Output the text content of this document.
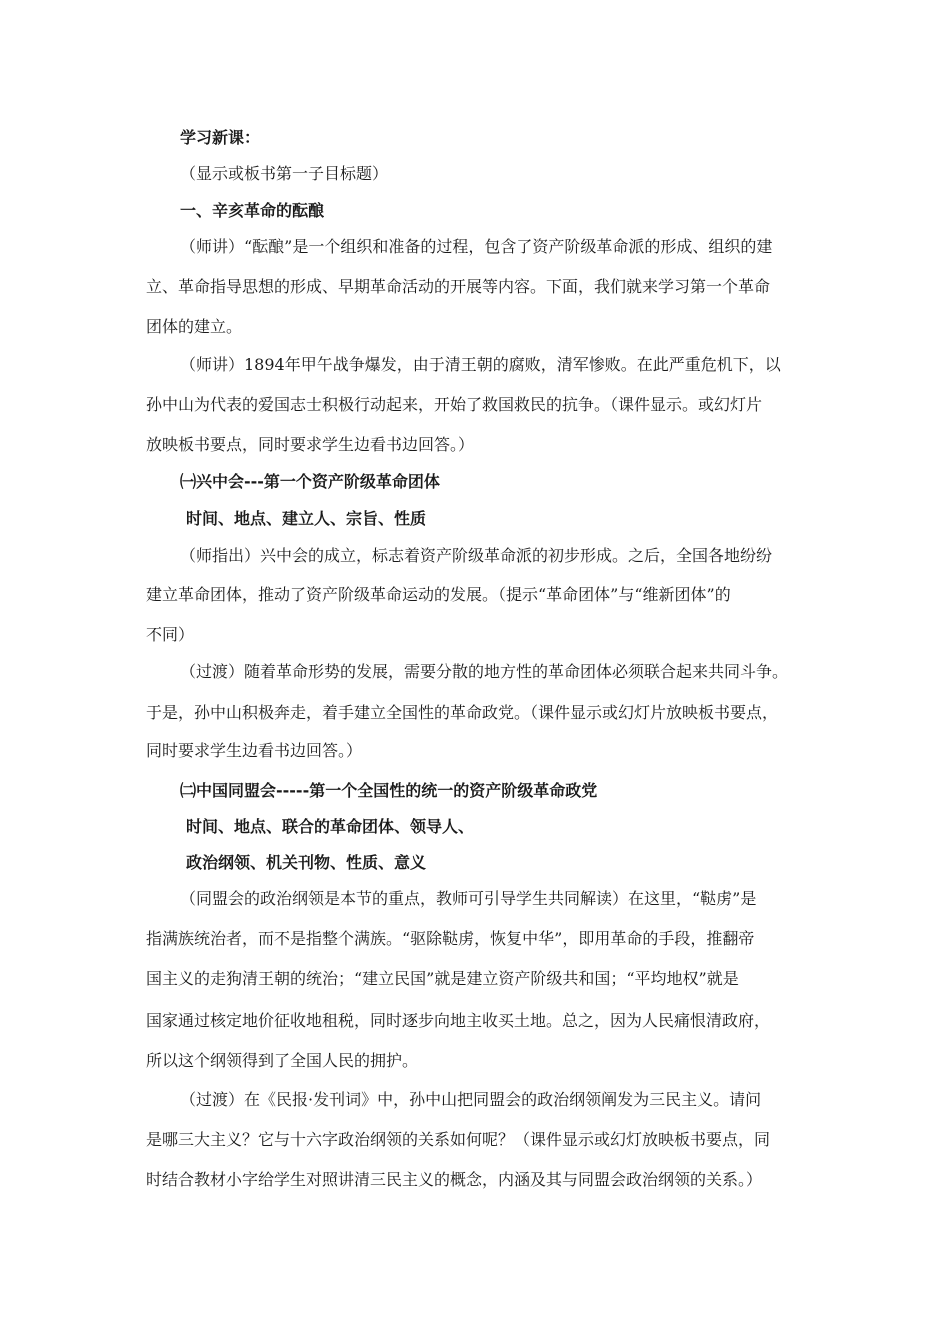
学习新课：
（显示或板书第一子目标题）
一、辛亥革命的酝酿
（师讲）“酝酿”是一个组织和准备的过程，包含了资产阶级革命派的形成、组织的建
立、革命指导思想的形成、早期革命活动的开展等内容。下面，我们就来学习第一个革命
团体的建立。
（师讲）1894年甲午战争爆发，由于清王朝的腐败，清军惨败。在此严重危机下，以
孙中山为代表的爱国志士积极行动起来，开始了救国救民的抗争。（课件显示。或幻灯片
放映板书要点，同时要求学生边看书边回答。）
㈠兴中会---第一个资产阶级革命团体
时间、地点、建立人、宗旨、性质
（师指出）兴中会的成立，标志着资产阶级革命派的初步形成。之后，全国各地纷纷
建立革命团体，推动了资产阶级革命运动的发展。（提示“革命团体”与“维新团体”的
不同）
（过渡）随着革命形势的发展，需要分散的地方性的革命团体必须联合起来共同斗争。
于是，孙中山积极奔走，着手建立全国性的革命政党。（课件显示或幻灯片放映板书要点，
同时要求学生边看书边回答。）
㈡中国同盟会-----第一个全国性的统一的资产阶级革命政党
时间、地点、联合的革命团体、领导人、
政治纲领、机关刊物、性质、意义
（同盟会的政治纲领是本节的重点，教师可引导学生共同解读）在这里，“鞑虏”是
指满族统治者，而不是指整个满族。“驱除鞑虏，恢复中华”，即用革命的手段，推翻帝
国主义的走狗清王朝的统治；“建立民国”就是建立资产阶级共和国；“平均地权”就是
国家通过核定地价征收地租税，同时逐步向地主收买土地。总之，因为人民痛恨清政府，
所以这个纲领得到了全国人民的拥护。
（过渡）在《民报·发刊词》中，孙中山把同盟会的政治纲领阐发为三民主义。请问
是哪三大主义？它与十六字政治纲领的关系如何呢？（课件显示或幻灯放映板书要点，同
时结合教材小字给学生对照讲清三民主义的概念，内涵及其与同盟会政治纲领的关系。）
